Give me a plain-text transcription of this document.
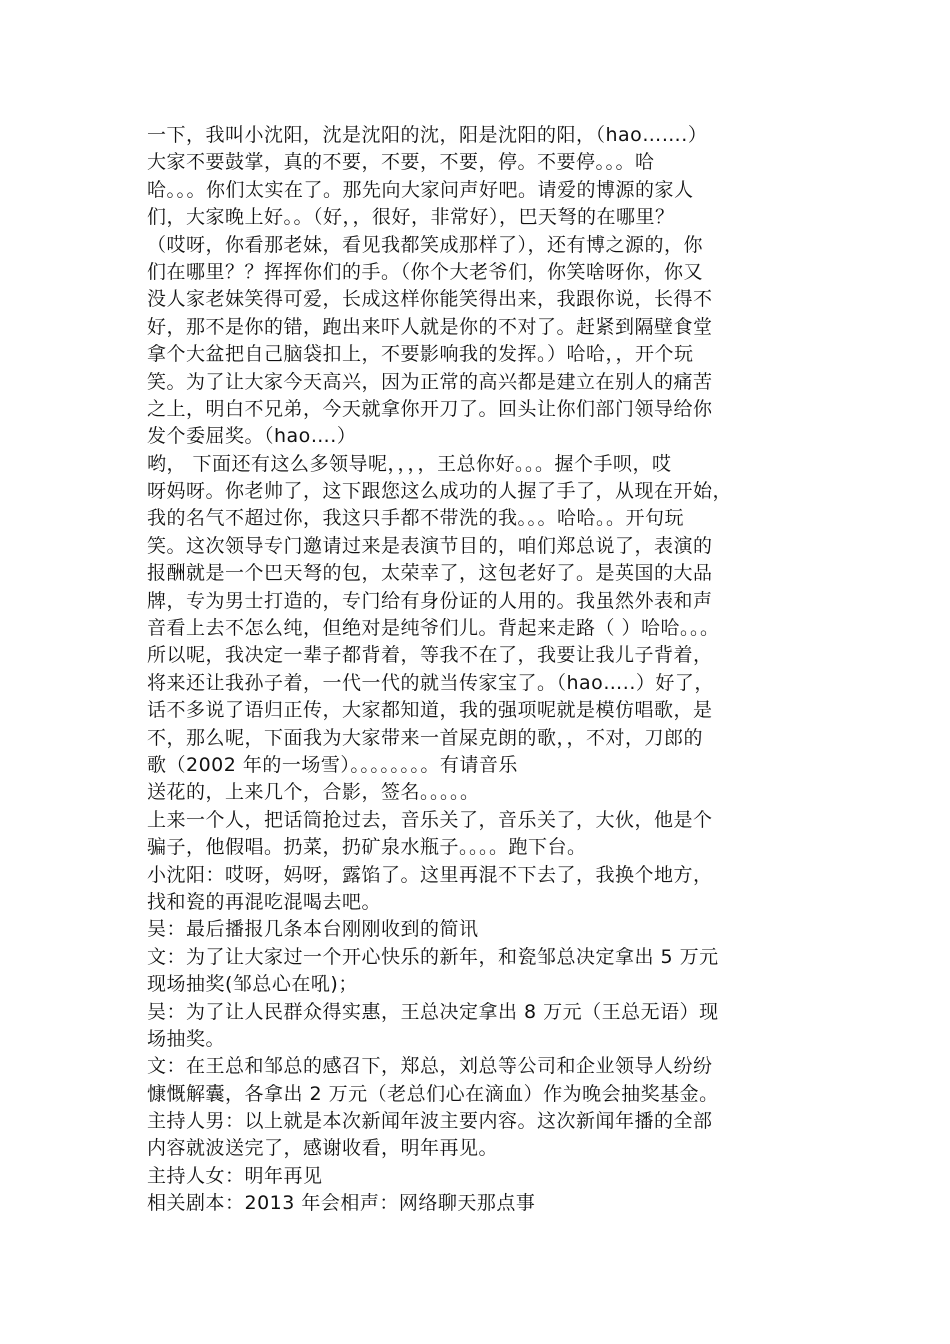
一下，我叫小沈阳，沈是沈阳的沈，阳是沈阳的阳，（hao…….）
大家不要鼓掌，真的不要，不要，不要，停。不要停。。。哈
哈。。。你们太实在了。那先向大家问声好吧。请爱的博源的家人
们，大家晚上好。。（好，，很好，非常好），巴天弩的在哪里？
（哎呀，你看那老妹，看见我都笑成那样了），还有博之源的，你
们在哪里？？挥挥你们的手。（你个大老爷们，你笑啥呀你，你又
没人家老妹笑得可爱，长成这样你能笑得出来，我跟你说，长得不
好，那不是你的错，跑出来吓人就是你的不对了。赶紧到隔壁食堂
拿个大盆把自己脑袋扣上，不要影响我的发挥。）哈哈，，开个玩
笑。为了让大家今天高兴，因为正常的高兴都是建立在别人的痛苦
之上，明白不兄弟，今天就拿你开刀了。回头让你们部门领导给你
发个委屈奖。（hao….）
哟， 下面还有这么多领导呢，，，，王总你好。。。握个手呗，哎
呀妈呀。你老帅了，这下跟您这么成功的人握了手了，从现在开始，
我的名气不超过你，我这只手都不带洗的我。。。哈哈。。开句玩
笑。这次领导专门邀请过来是表演节目的，咱们郑总说了，表演的
报酬就是一个巴天弩的包，太荣幸了，这包老好了。是英国的大品
牌，专为男士打造的，专门给有身份证的人用的。我虽然外表和声
音看上去不怎么纯，但绝对是纯爷们儿。背起来走路（ ）哈哈。。。
所以呢，我决定一辈子都背着，等我不在了，我要让我儿子背着，
将来还让我孙子着，一代一代的就当传家宝了。（hao…..）好了，
话不多说了语归正传，大家都知道，我的强项呢就是模仿唱歌，是
不，那么呢，下面我为大家带来一首屎克朗的歌，，不对，刀郎的
歌（2002 年的一场雪）。。。。。。。。有请音乐
送花的，上来几个，合影，签名。。。。。
上来一个人，把话筒抢过去，音乐关了，音乐关了，大伙，他是个
骗子，他假唱。扔菜，扔矿泉水瓶子。。。。跑下台。
小沈阳：哎呀，妈呀，露馅了。这里再混不下去了，我换个地方，
找和瓷的再混吃混喝去吧。
吴：最后播报几条本台刚刚收到的简讯
文：为了让大家过一个开心快乐的新年，和瓷邹总决定拿出 5 万元
现场抽奖(邹总心在吼)；
吴：为了让人民群众得实惠，王总决定拿出 8 万元（王总无语）现
场抽奖。
文：在王总和邹总的感召下，郑总，刘总等公司和企业领导人纷纷
慷慨解囊，各拿出 2 万元（老总们心在滴血）作为晚会抽奖基金。
主持人男：以上就是本次新闻年波主要内容。这次新闻年播的全部
内容就波送完了，感谢收看，明年再见。
主持人女：明年再见
相关剧本：2013 年会相声：网络聊天那点事
